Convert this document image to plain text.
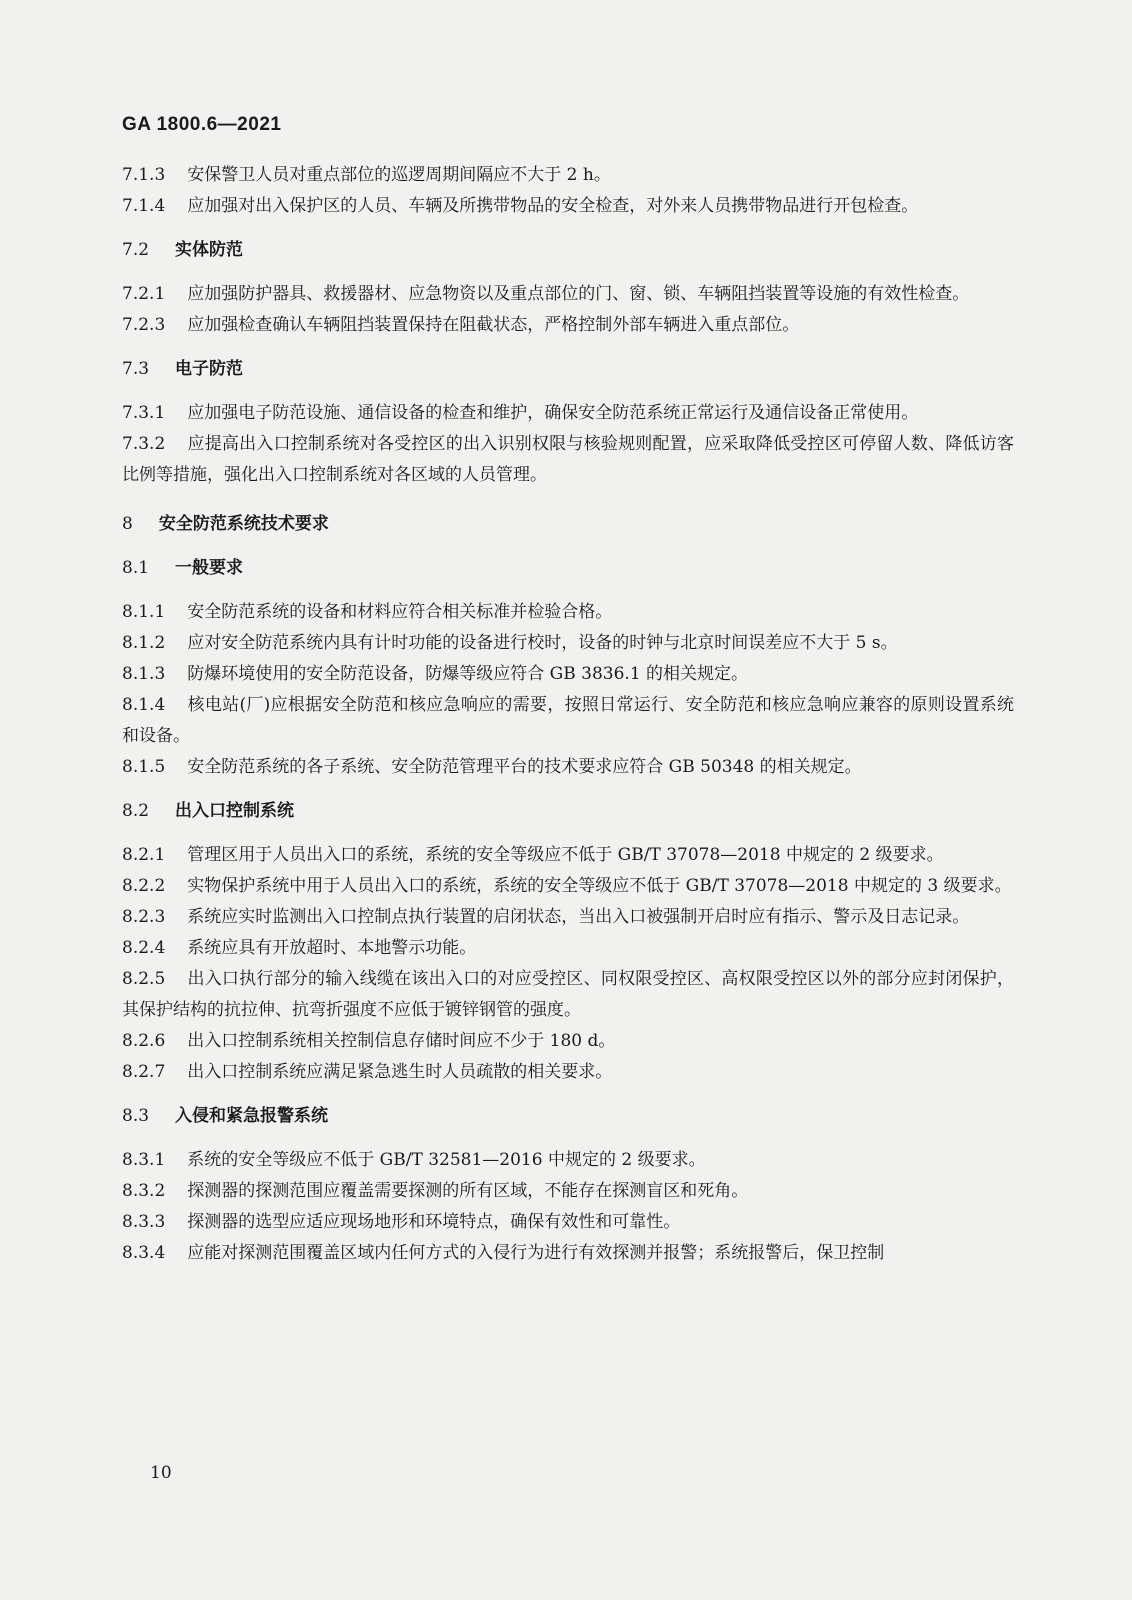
GA 1800.6—2021

7.1.3 安保警卫人员对重点部位的巡逻周期间隔应不大于 2 h。

7.1.4 应加强对出入保护区的人员、车辆及所携带物品的安全检查，对外来人员携带物品进行开包检查。

7.2 实体防范

7.2.1 应加强防护器具、救援器材、应急物资以及重点部位的门、窗、锁、车辆阻挡装置等设施的有效性检查。

7.2.3 应加强检查确认车辆阻挡装置保持在阻截状态，严格控制外部车辆进入重点部位。

7.3 电子防范

7.3.1 应加强电子防范设施、通信设备的检查和维护，确保安全防范系统正常运行及通信设备正常使用。

7.3.2 应提高出入口控制系统对各受控区的出入识别权限与核验规则配置，应采取降低受控区可停留人数、降低访客比例等措施，强化出入口控制系统对各区域的人员管理。

8 安全防范系统技术要求

8.1 一般要求

8.1.1 安全防范系统的设备和材料应符合相关标准并检验合格。

8.1.2 应对安全防范系统内具有计时功能的设备进行校时，设备的时钟与北京时间误差应不大于 5 s。

8.1.3 防爆环境使用的安全防范设备，防爆等级应符合 GB 3836.1 的相关规定。

8.1.4 核电站(厂)应根据安全防范和核应急响应的需要，按照日常运行、安全防范和核应急响应兼容的原则设置系统和设备。

8.1.5 安全防范系统的各子系统、安全防范管理平台的技术要求应符合 GB 50348 的相关规定。

8.2 出入口控制系统

8.2.1 管理区用于人员出入口的系统，系统的安全等级应不低于 GB/T 37078—2018 中规定的 2 级要求。

8.2.2 实物保护系统中用于人员出入口的系统，系统的安全等级应不低于 GB/T 37078—2018 中规定的 3 级要求。

8.2.3 系统应实时监测出入口控制点执行装置的启闭状态，当出入口被强制开启时应有指示、警示及日志记录。

8.2.4 系统应具有开放超时、本地警示功能。

8.2.5 出入口执行部分的输入线缆在该出入口的对应受控区、同权限受控区、高权限受控区以外的部分应封闭保护，其保护结构的抗拉伸、抗弯折强度不应低于镀锌钢管的强度。

8.2.6 出入口控制系统相关控制信息存储时间应不少于 180 d。

8.2.7 出入口控制系统应满足紧急逃生时人员疏散的相关要求。

8.3 入侵和紧急报警系统

8.3.1 系统的安全等级应不低于 GB/T 32581—2016 中规定的 2 级要求。

8.3.2 探测器的探测范围应覆盖需要探测的所有区域，不能存在探测盲区和死角。

8.3.3 探测器的选型应适应现场地形和环境特点，确保有效性和可靠性。

8.3.4 应能对探测范围覆盖区域内任何方式的入侵行为进行有效探测并报警；系统报警后，保卫控制

10
